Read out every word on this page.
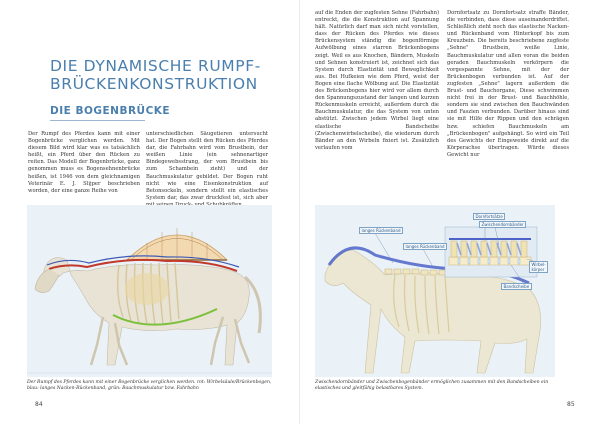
DIE DYNAMISCHE RUMPF-BRÜCKENKONSTRUKTION
DIE BOGENBRÜCKE

Der Rumpf des Pferdes kann mit einer Bogenbrücke verglichen werden. Mit diesem Bild wird klar was es tatsächlich heißt, ein Pferd über den Rücken zu reiten. Das Modell der Bogenbrücke, ganz genommen muss es Bogensehnenbrücke heißen, ist 1946 von dem gleichnamigen Veterinär E. J. Slijper beschrieben worden, der eine ganze Reihe von

unterschiedlichen Säugetieren untersucht hat. Der Bogen stellt den Rücken des Pferdes dar, die Fahrbahn wird vom Brustbein, der weißen Linie (ein sehnenartiger Bindegewebsstrang, der vom Brustbein bis zum Schambein zieht) und der Bauchmuskulatur gebildet. Der Bogen ruht nicht wie eine Eisenkonstruktion auf Betonsockeln, sondern stellt ein elastisches System dar, das zwar druckfest ist, sich aber

Der Rumpf des Pferdes kann mit einer Bogenbrücke verglichen werden. rot: Wirbelsäule/Brückenbogen, blau: langes Nacken-Rückenband, grün: Bauchmuskulatur bzw. Fahrbahn
84

auf die Enden der zugfesten Sehne (Fahrbahn) entreckt, die die Konstruktion auf Spannung hält. Natürlich darf man sich nicht vorstellen, dass der Rücken des Pferdes wie dieses Brückensystem ständig die bogenförmige Aufwölbung eines starren Brückenbogens zeigt. Weil es aus Knochen, Bändern, Muskeln und Sehnen konstruiert ist, zeichnet sich das System durch Elastizität und Beweglichkeit aus. Bei Hufkeien wie dem Pferd, weist der Bogen eine flache Wölbung auf. Die Elastizität des Brückenbogens hier wird vor allem durch den Spannungszustand der langen und kurzen Rückenmuskeln erreicht, außerdem durch die Bauchmuskulatur, die das System von unten abstützt. Zwischen jedem Wirbel liegt eine elastische Bandscheibe (Zwischenwirbelscheibe), die wiederum durch Bänder an den Wirbeln fixiert ist. Zusätzlich verlaufen vom

Dornfortsatz zu Dornfortsatz straffe Bänder, die verbinden, dass diese auseinanderdriftet. Schließlich zieht noch das elastische Nacken- und Rückenband vom Hinterkopf bis zum Kreuzbein. Die bereits beschriebene zugfeste „Sehne" Brustbein, weiße Linie, Bauchmuskulatur und allen voran die beiden geraden Bauchmuskeln verkörpern die vorgespannte Sehne, mit der der Brückenbogen verbunden ist. Auf der zugfesten „Sehne" lagern außerdem die Brust- und Bauchorgane, Diese schwimmen nicht frei in der Brust- und Bauchhöhle, sondern sie sind zwischen den Bauchwänden und Faszien verbunden. Darüber hinaus sind sie mit Hilfe der Rippen und den schrägen bzw. schiefen Bauchmuskeln am „Brückenbogen" aufgehängt. So wird ein Teil des Gewichts der Eingeweide direkt auf die Körperachse übertragen. Würde dieses Gewicht nur

langes Rückenband
langes Rückenband
Dornfortsätze
Zwischendornbänder
Wirbel-
körper
Bandscheibe
Zwischendornbänder und Zwischenbogenbänder ermöglichen zusammen mit den Bandscheiben ein elastisches und gleitfähig belastbares System.
85
